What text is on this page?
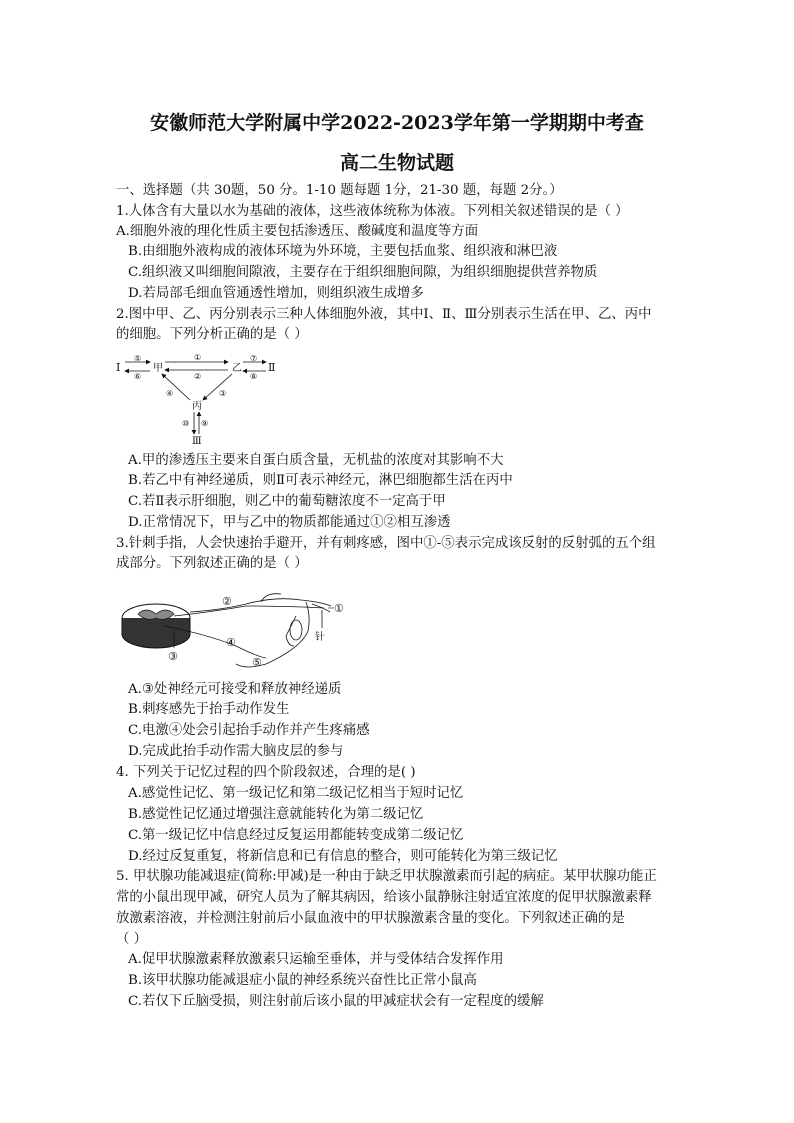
安徽师范大学附属中学2022-2023学年第一学期期中考查
高二生物试题
一、选择题（共 30题，50 分。1-10 题每题 1分，21-30 题，每题 2分。）
1.人体含有大量以水为基础的液体，这些液体统称为体液。下列相关叙述错误的是（ ）
A.细胞外液的理化性质主要包括渗透压、酸碱度和温度等方面
B.由细胞外液构成的液体环境为外环境，主要包括血浆、组织液和淋巴液
C.组织液又叫细胞间隙液，主要存在于组织细胞间隙，为组织细胞提供营养物质
D.若局部毛细血管通透性增加，则组织液生成增多
2.图中甲、乙、丙分别表示三种人体细胞外液，其中Ⅰ、Ⅱ、Ⅲ分别表示生活在甲、乙、丙中
的细胞。下列分析正确的是（ ）
Ⅰ	甲	乙 Ⅱ
丙
Ⅲ
⑤
⑥
①
②
⑦
⑧
③
④
⑩ ⑨
A.甲的渗透压主要来自蛋白质含量，无机盐的浓度对其影响不大
B.若乙中有神经递质，则Ⅱ可表示神经元，淋巴细胞都生活在丙中
C.若Ⅱ表示肝细胞，则乙中的葡萄糖浓度不一定高于甲
D.正常情况下，甲与乙中的物质都能通过①②相互渗透
3.针刺手指，人会快速抬手避开，并有刺疼感，图中①-⑤表示完成该反射的反射弧的五个组
成部分。下列叙述正确的是（ ）
针
①
②
③
④
⑤
A.③处神经元可接受和释放神经递质
B.刺疼感先于抬手动作发生
C.电激④处会引起抬手动作并产生疼痛感
D.完成此抬手动作需大脑皮层的参与
4. 下列关于记忆过程的四个阶段叙述，合理的是( )
A.感觉性记忆、第一级记忆和第二级记忆相当于短时记忆
B.感觉性记忆通过增强注意就能转化为第二级记忆
C.第一级记忆中信息经过反复运用都能转变成第二级记忆
D.经过反复重复，将新信息和已有信息的整合，则可能转化为第三级记忆
5. 甲状腺功能减退症(简称:甲减)是一种由于缺乏甲状腺激素而引起的病症。某甲状腺功能正
常的小鼠出现甲减，研究人员为了解其病因，给该小鼠静脉注射适宜浓度的促甲状腺激素释
放激素溶液，并检测注射前后小鼠血液中的甲状腺激素含量的变化。下列叙述正确的是
（ ）
A.促甲状腺激素释放激素只运输至垂体，并与受体结合发挥作用
B.该甲状腺功能减退症小鼠的神经系统兴奋性比正常小鼠高
C.若仅下丘脑受损，则注射前后该小鼠的甲减症状会有一定程度的缓解
